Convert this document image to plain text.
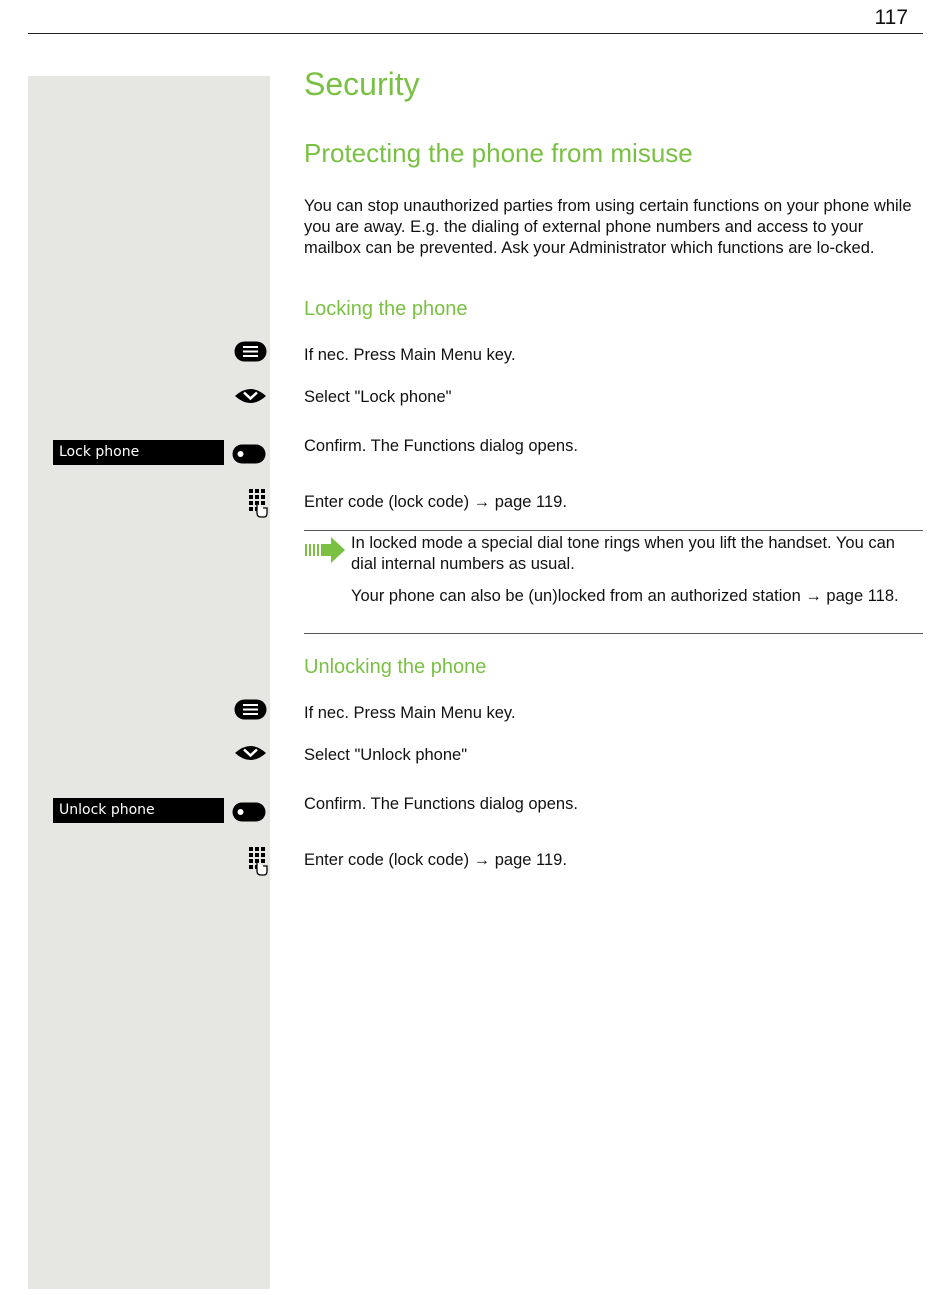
117
Security
Protecting the phone from misuse
You can stop unauthorized parties from using certain functions on your phone while you are away. E.g. the dialing of external phone numbers and access to your mailbox can be prevented. Ask your Administrator which functions are lo-cked.
Locking the phone
If nec. Press Main Menu key.
Select "Lock phone"
Lock phone	Confirm. The Functions dialog opens.
Enter code (lock code) → page 119.
In locked mode a special dial tone rings when you lift the handset. You can dial internal numbers as usual.
Your phone can also be (un)locked from an authorized station → page 118.
Unlocking the phone
If nec. Press Main Menu key.
Select "Unlock phone"
Unlock phone	Confirm. The Functions dialog opens.
Enter code (lock code) → page 119.
